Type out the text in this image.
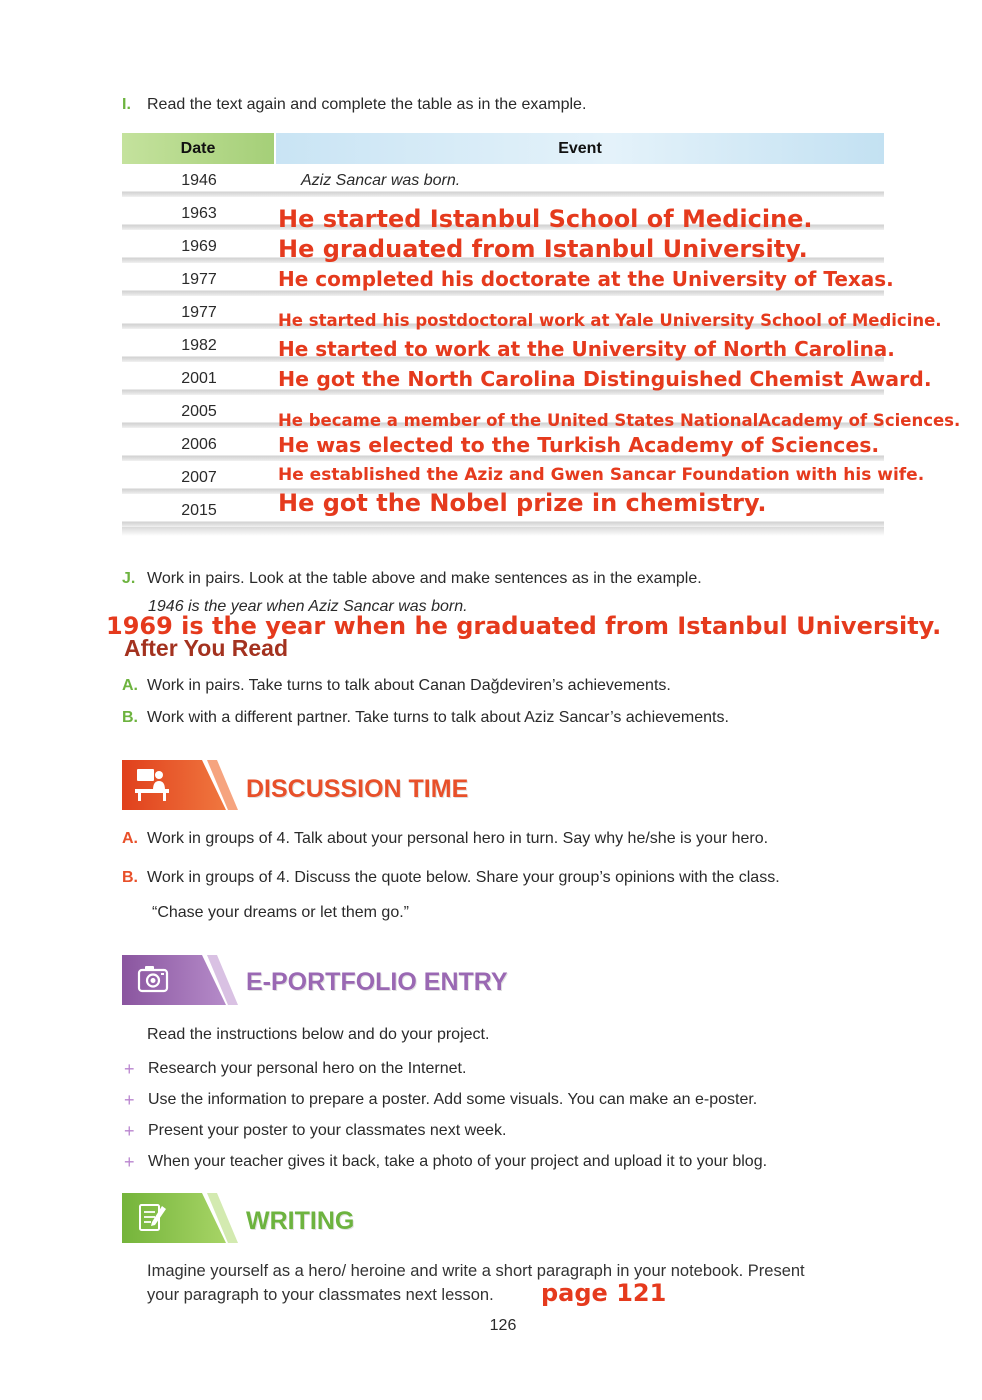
I.	Read the text again and complete the table as in the example.
Date	Event
1946	Aziz Sancar was born.
1963	He started Istanbul School of Medicine.
1969	He graduated from Istanbul University.
1977	He completed his doctorate at the University of Texas.
1977	He started his postdoctoral work at Yale University School of Medicine.
1982	He started to work at the University of North Carolina.
2001	He got the North Carolina Distinguished Chemist Award.
2005	He became a member of the United States NationalAcademy of Sciences.
2006	He was elected to the Turkish Academy of Sciences.
2007	He established the Aziz and Gwen Sancar Foundation with his wife.
2015	He got the Nobel prize in chemistry.
J. Work in pairs. Look at the table above and make sentences as in the example.
1946 is the year when Aziz Sancar was born.
1969 is the year when he graduated from Istanbul University.
After You Read
A. Work in pairs. Take turns to talk about Canan Dağdeviren’s achievements.
B. Work with a different partner. Take turns to talk about Aziz Sancar’s achievements.
DISCUSSION TIME
A. Work in groups of 4. Talk about your personal hero in turn. Say why he/she is your hero.
B. Work in groups of 4. Discuss the quote below. Share your group’s opinions with the class.
“Chase your dreams or let them go.”
E-PORTFOLIO ENTRY
Read the instructions below and do your project.
+ Research your personal hero on the Internet.
+ Use the information to prepare a poster. Add some visuals. You can make an e-poster.
+ Present your poster to your classmates next week.
+ When your teacher gives it back, take a photo of your project and upload it to your blog.
WRITING
Imagine yourself as a hero/ heroine and write a short paragraph in your notebook. Present
your paragraph to your classmates next lesson. page 121
126
